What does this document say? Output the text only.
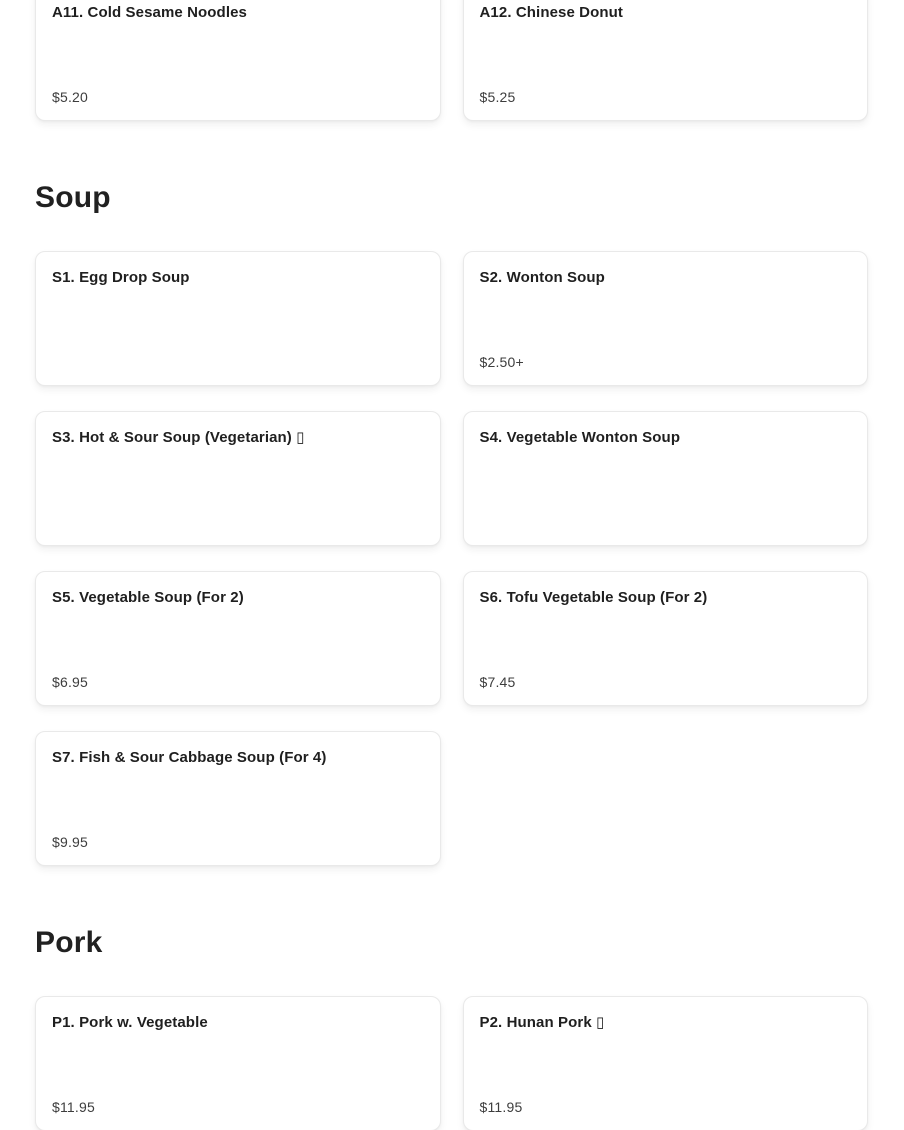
A11. Cold Sesame Noodles
$5.20
A12. Chinese Donut
$5.25
Soup
S1. Egg Drop Soup	S2. Wonton Soup
$2.50+
S3. Hot & Sour Soup (Vegetarian) ▯	S4. Vegetable Wonton Soup
S5. Vegetable Soup (For 2)
$6.95
S6. Tofu Vegetable Soup (For 2)
$7.45
S7. Fish & Sour Cabbage Soup (For 4)
$9.95
Pork
P1. Pork w. Vegetable
$11.95
P2. Hunan Pork ▯
$11.95
